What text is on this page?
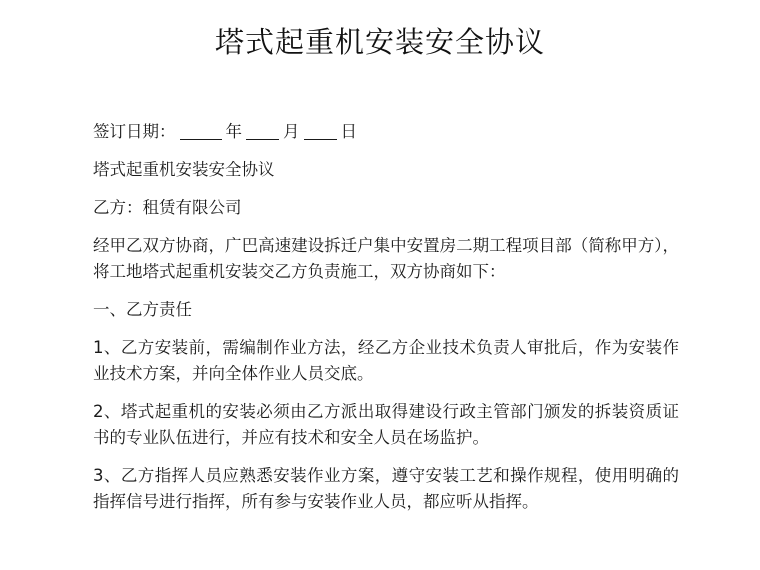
塔式起重机安装安全协议

签订日期：	年 月 日

塔式起重机安装安全协议

乙方：租赁有限公司

经甲乙双方协商，广巴高速建设拆迁户集中安置房二期工程项目部（简称甲方），将工地塔式起重机安装交乙方负责施工，双方协商如下：

一、乙方责任

1、乙方安装前，需编制作业方法，经乙方企业技术负责人审批后，作为安装作业技术方案，并向全体作业人员交底。

2、塔式起重机的安装必须由乙方派出取得建设行政主管部门颁发的拆装资质证书的专业队伍进行，并应有技术和安全人员在场监护。

3、乙方指挥人员应熟悉安装作业方案，遵守安装工艺和操作规程，使用明确的指挥信号进行指挥，所有参与安装作业人员，都应听从指挥。
